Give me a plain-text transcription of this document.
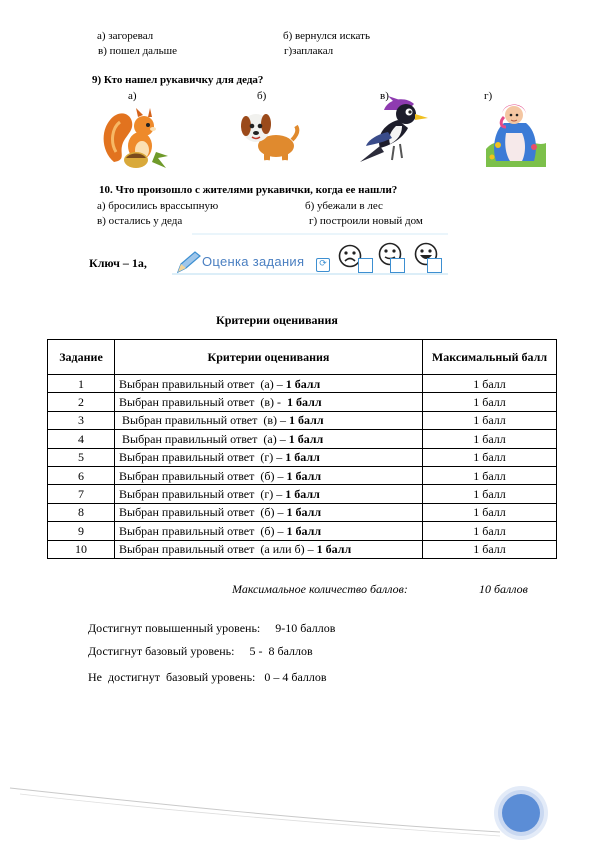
а) загоревал	б) вернулся искать
в) пошел дальше	г)заплакал
9) Кто нашел рукавичку для деда?
а)	б)	в)	г)
10. Что произошло с жителями рукавички, когда ее нашли?
а) бросились врассыпную	б) убежали в лес
в) остались у деда	г) построили новый дом
Ключ – 1а,	Оценка задания	⟳
Критерии оценивания
Задание	Критерии оценивания	Максимальный балл
1	Выбран правильный ответ  (а) – 1 балл	1 балл
2	Выбран правильный ответ  (в) -  1 балл	1 балл
3	Выбран правильный ответ  (в) – 1 балл	1 балл
4	Выбран правильный ответ  (а) – 1 балл	1 балл
5	Выбран правильный ответ  (г) – 1 балл	1 балл
6	Выбран правильный ответ  (б) – 1 балл	1 балл
7	Выбран правильный ответ  (г) – 1 балл	1 балл
8	Выбран правильный ответ  (б) – 1 балл	1 балл
9	Выбран правильный ответ  (б) – 1 балл	1 балл
10	Выбран правильный ответ  (а или б) – 1 балл	1 балл
Максимальное количество баллов:	10 баллов
Достигнут повышенный уровень:     9-10 баллов
Достигнут базовый уровень:     5 -  8 баллов
Не  достигнут  базовый уровень:   0 – 4 баллов
